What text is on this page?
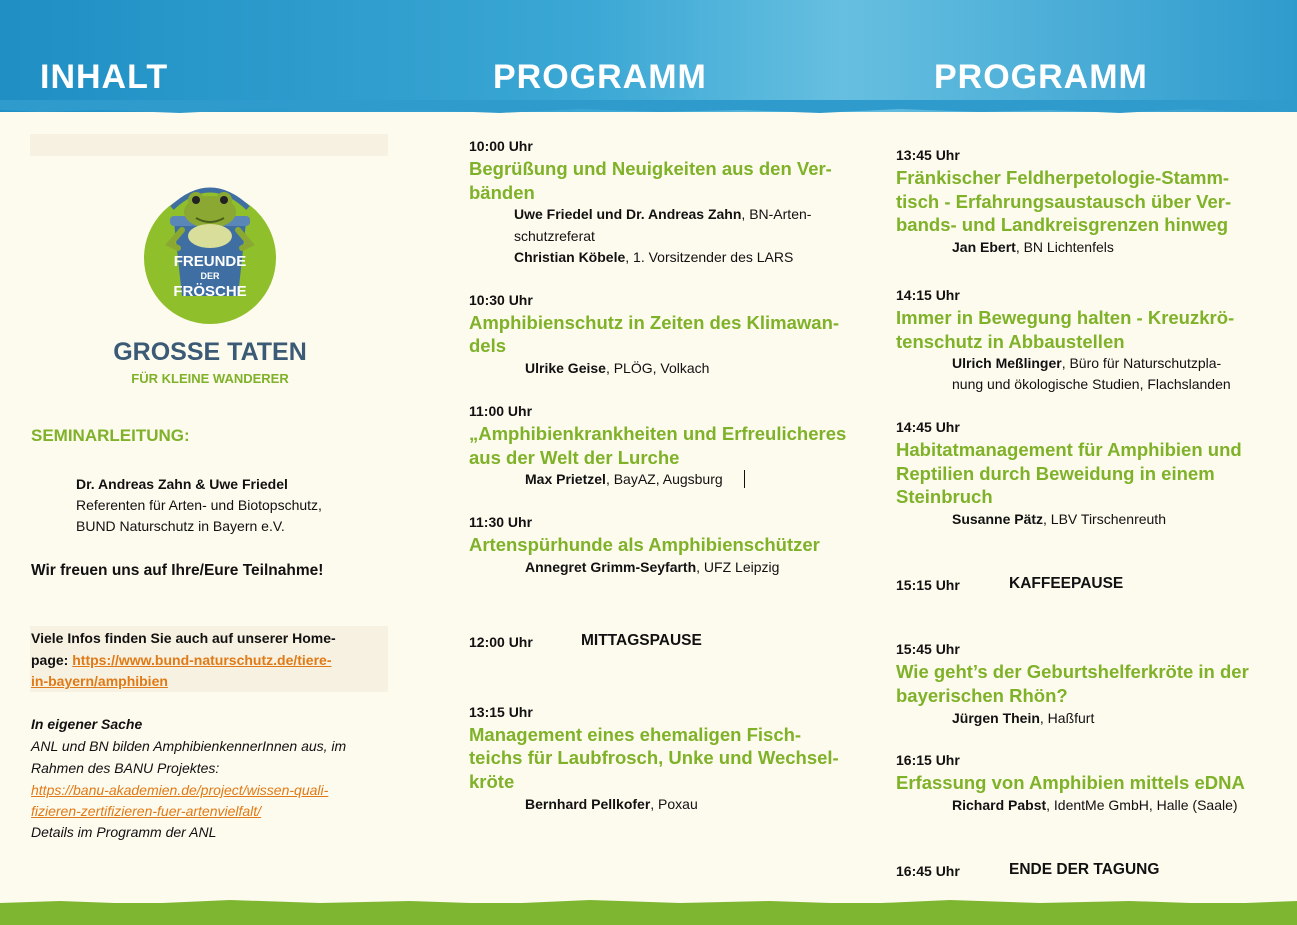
INHALT	PROGRAMM	PROGRAMM
FREUNDE
DER
FRÖSCHE
GROSSE TATEN
FÜR KLEINE WANDERER
SEMINARLEITUNG:
Dr. Andreas Zahn & Uwe Friedel
Referenten für Arten- und Biotopschutz,
BUND Naturschutz in Bayern e.V.
Wir freuen uns auf Ihre/Eure Teilnahme!
Viele Infos finden Sie auch auf unserer Home-
page: https://www.bund-naturschutz.de/tiere-
in-bayern/amphibien
In eigener Sache
ANL und BN bilden AmphibienkennerInnen aus, im
Rahmen des BANU Projektes:
https://banu-akademien.de/project/wissen-quali-
fizieren-zertifizieren-fuer-artenvielfalt/
Details im Programm der ANL
10:00 Uhr
Begrüßung und Neuigkeiten aus den Ver-
bänden
Uwe Friedel und Dr. Andreas Zahn, BN-Arten-
schutzreferat
Christian Köbele, 1. Vorsitzender des LARS
10:30 Uhr
Amphibienschutz in Zeiten des Klimawan-
dels
Ulrike Geise, PLÖG, Volkach
11:00 Uhr
„Amphibienkrankheiten und Erfreulicheres
aus der Welt der Lurche
Max Prietzel, BayAZ, Augsburg
11:30 Uhr
Artenspürhunde als Amphibienschützer
Annegret Grimm-Seyfarth, UFZ Leipzig
12:00 Uhr	MITTAGSPAUSE
13:15 Uhr
Management eines ehemaligen Fisch-
teichs für Laubfrosch, Unke und Wechsel-
kröte
Bernhard Pellkofer, Poxau
13:45 Uhr
Fränkischer Feldherpetologie-Stamm-
tisch - Erfahrungsaustausch über Ver-
bands- und Landkreisgrenzen hinweg
Jan Ebert, BN Lichtenfels
14:15 Uhr
Immer in Bewegung halten - Kreuzkrö-
tenschutz in Abbaustellen
Ulrich Meßlinger, Büro für Naturschutzpla-
nung und ökologische Studien, Flachslanden
14:45 Uhr
Habitatmanagement für Amphibien und
Reptilien durch Beweidung in einem
Steinbruch
Susanne Pätz, LBV Tirschenreuth
15:15 Uhr	KAFFEEPAUSE
15:45 Uhr
Wie geht’s der Geburtshelferkröte in der
bayerischen Rhön?
Jürgen Thein, Haßfurt
16:15 Uhr
Erfassung von Amphibien mittels eDNA
Richard Pabst, IdentMe GmbH, Halle (Saale)
16:45 Uhr	ENDE DER TAGUNG
